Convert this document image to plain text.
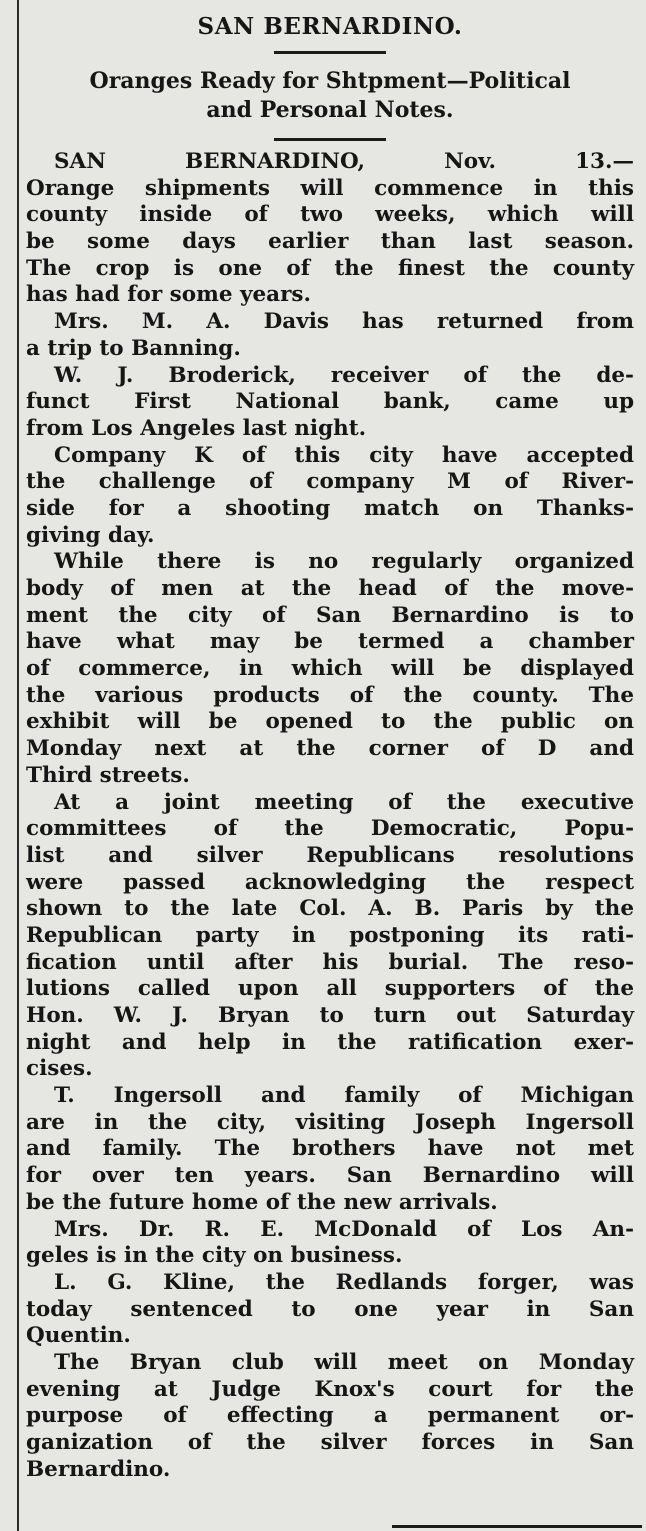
SAN BERNARDINO.
Oranges Ready for Shtpment—Political
and Personal Notes.
SAN BERNARDINO, Nov. 13.—
Orange shipments will commence in this
county inside of two weeks, which will
be some days earlier than last season.
The crop is one of the finest the county
has had for some years.
Mrs. M. A. Davis has returned from
a trip to Banning.
W. J. Broderick, receiver of the de-
funct First National bank, came up
from Los Angeles last night.
Company K of this city have accepted
the challenge of company M of River-
side for a shooting match on Thanks-
giving day.
While there is no regularly organized
body of men at the head of the move-
ment the city of San Bernardino is to
have what may be termed a chamber
of commerce, in which will be displayed
the various products of the county. The
exhibit will be opened to the public on
Monday next at the corner of D and
Third streets.
At a joint meeting of the executive
committees of the Democratic, Popu-
list and silver Republicans resolutions
were passed acknowledging the respect
shown to the late Col. A. B. Paris by the
Republican party in postponing its rati-
fication until after his burial. The reso-
lutions called upon all supporters of the
Hon. W. J. Bryan to turn out Saturday
night and help in the ratification exer-
cises.
T. Ingersoll and family of Michigan
are in the city, visiting Joseph Ingersoll
and family. The brothers have not met
for over ten years. San Bernardino will
be the future home of the new arrivals.
Mrs. Dr. R. E. McDonald of Los An-
geles is in the city on business.
L. G. Kline, the Redlands forger, was
today sentenced to one year in San
Quentin.
The Bryan club will meet on Monday
evening at Judge Knox's court for the
purpose of effecting a permanent or-
ganization of the silver forces in San
Bernardino.
